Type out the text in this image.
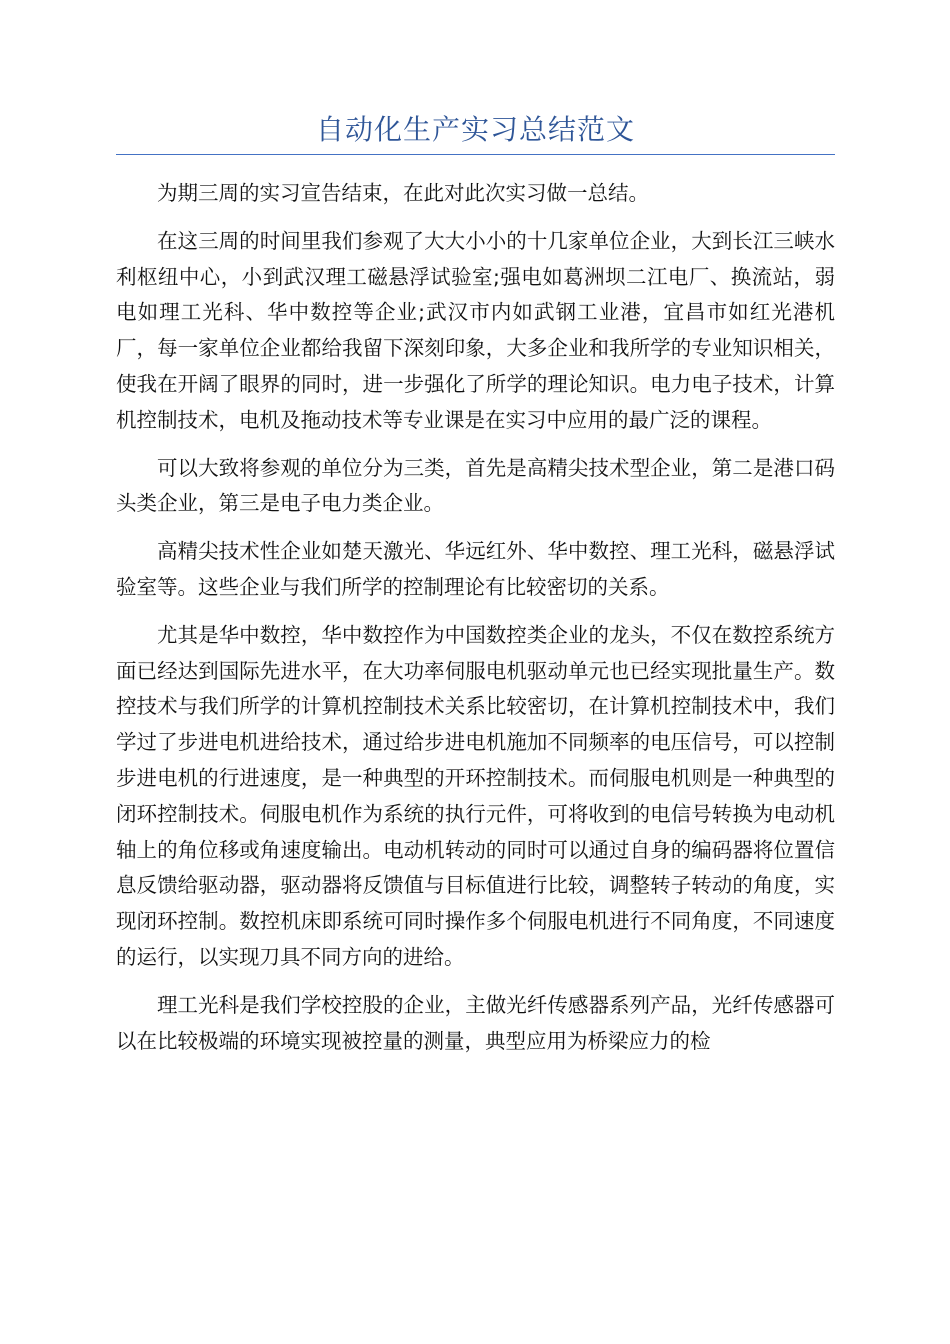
自动化生产实习总结范文

为期三周的实习宣告结束，在此对此次实习做一总结。

在这三周的时间里我们参观了大大小小的十几家单位企业，大到长江三峡水利枢纽中心，小到武汉理工磁悬浮试验室;强电如葛洲坝二江电厂、换流站，弱电如理工光科、华中数控等企业;武汉市内如武钢工业港，宜昌市如红光港机厂，每一家单位企业都给我留下深刻印象，大多企业和我所学的专业知识相关，使我在开阔了眼界的同时，进一步强化了所学的理论知识。电力电子技术，计算机控制技术，电机及拖动技术等专业课是在实习中应用的最广泛的课程。

可以大致将参观的单位分为三类，首先是高精尖技术型企业，第二是港口码头类企业，第三是电子电力类企业。

高精尖技术性企业如楚天激光、华远红外、华中数控、理工光科，磁悬浮试验室等。这些企业与我们所学的控制理论有比较密切的关系。

尤其是华中数控，华中数控作为中国数控类企业的龙头，不仅在数控系统方面已经达到国际先进水平，在大功率伺服电机驱动单元也已经实现批量生产。数控技术与我们所学的计算机控制技术关系比较密切，在计算机控制技术中，我们学过了步进电机进给技术，通过给步进电机施加不同频率的电压信号，可以控制步进电机的行进速度，是一种典型的开环控制技术。而伺服电机则是一种典型的闭环控制技术。伺服电机作为系统的执行元件，可将收到的电信号转换为电动机轴上的角位移或角速度输出。电动机转动的同时可以通过自身的编码器将位置信息反馈给驱动器，驱动器将反馈值与目标值进行比较，调整转子转动的角度，实现闭环控制。数控机床即系统可同时操作多个伺服电机进行不同角度，不同速度的运行，以实现刀具不同方向的进给。

理工光科是我们学校控股的企业，主做光纤传感器系列产品，光纤传感器可以在比较极端的环境实现被控量的测量，典型应用为桥梁应力的检
